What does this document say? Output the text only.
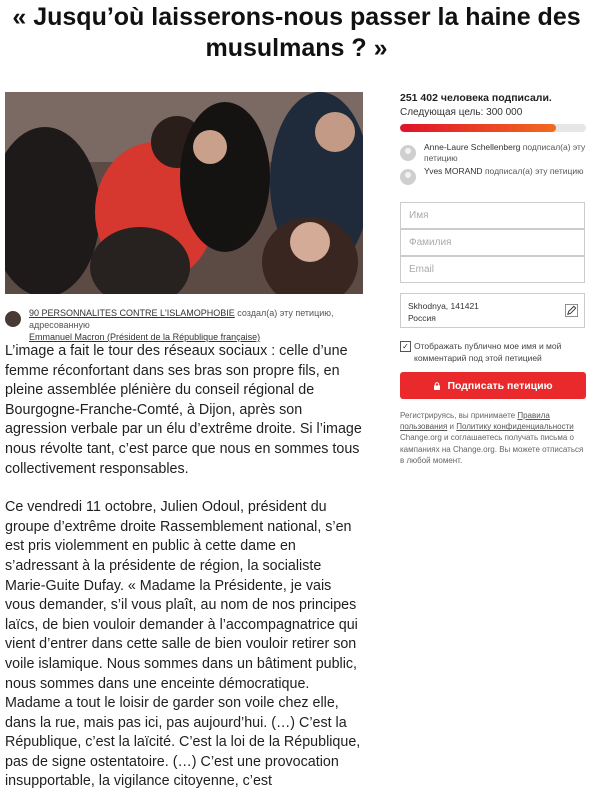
« Jusqu’où laisserons-nous passer la haine des musulmans ? »
90 PERSONNALITES CONTRE L'ISLAMOPHOBIE создал(а) эту петицию, адресованную
Emmanuel Macron (Président de la République française)

L’image a fait le tour des réseaux sociaux : celle d’une femme réconfortant dans ses bras son propre fils, en pleine assemblée plénière du conseil régional de Bourgogne-Franche-Comté, à Dijon, après son agression verbale par un élu d’extrême droite. Si l’image nous révolte tant, c’est parce que nous en sommes tous collectivement responsables.

Ce vendredi 11 octobre, Julien Odoul, président du groupe d’extrême droite Rassemblement national, s’en est pris violemment en public à cette dame en s’adressant à la présidente de région, la socialiste Marie-Guite Dufay. « Madame la Présidente, je vais vous demander, s’il vous plaît, au nom de nos principes laïcs, de bien vouloir demander à l’accompagnatrice qui vient d’entrer dans cette salle de bien vouloir retirer son voile islamique. Nous sommes dans un bâtiment public, nous sommes dans une enceinte démocratique. Madame a tout le loisir de garder son voile chez elle, dans la rue, mais pas ici, pas aujourd’hui. (…) C’est la République, c’est la laïcité. C’est la loi de la République, pas de signe ostentatoire. (…) C’est une provocation insupportable, la vigilance citoyenne, c’est

251 402 человека подписали.
Следующая цель: 300 000
Anne-Laure Schellenberg подписал(а) эту петицию
Yves MORAND подписал(а) эту петицию
Имя
Фамилия
Email
Skhodnya, 141421
Россия
✓ Отображать публично мое имя и мой комментарий под этой петицией
Подписать петицию
Регистрируясь, вы принимаете Правила пользования и Политику конфиденциальности Change.org и соглашаетесь получать письма о кампаниях на Change.org. Вы можете отписаться в любой момент.
